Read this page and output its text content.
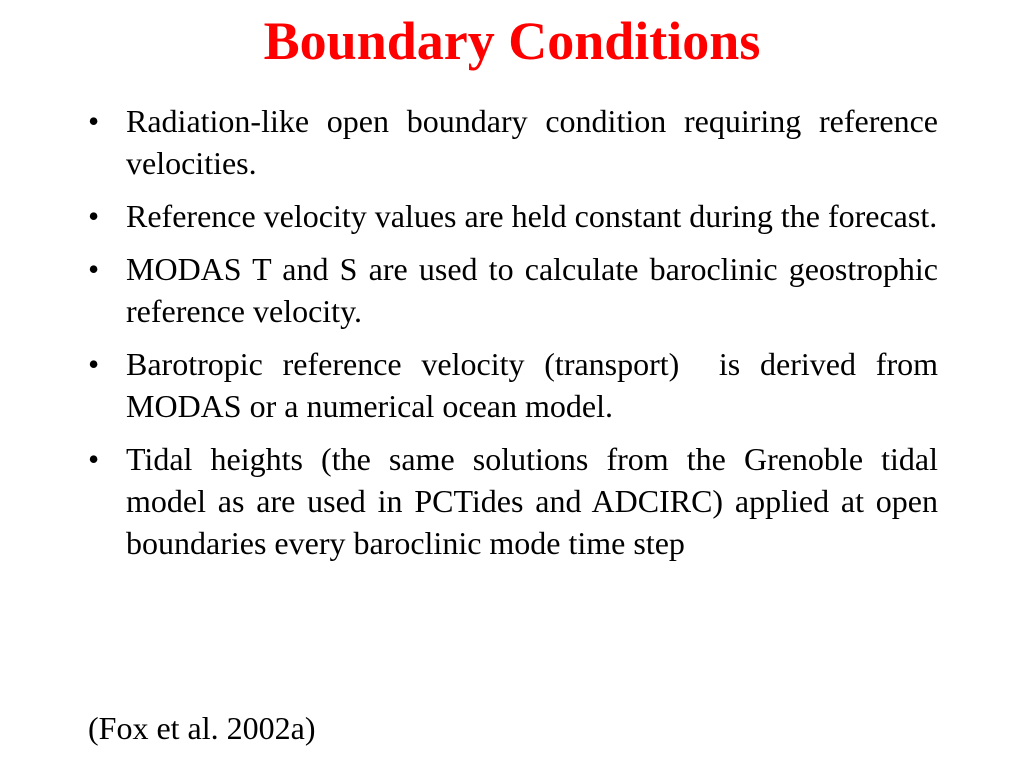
Boundary Conditions
• Radiation-like open boundary condition requiring reference velocities.
• Reference velocity values are held constant during the forecast.
• MODAS T and S are used to calculate baroclinic geostrophic reference velocity.
• Barotropic reference velocity (transport)  is derived from MODAS or a numerical ocean model.
• Tidal heights (the same solutions from the Grenoble tidal model as are used in PCTides and ADCIRC) applied at open boundaries every baroclinic mode time step

(Fox et al. 2002a)
